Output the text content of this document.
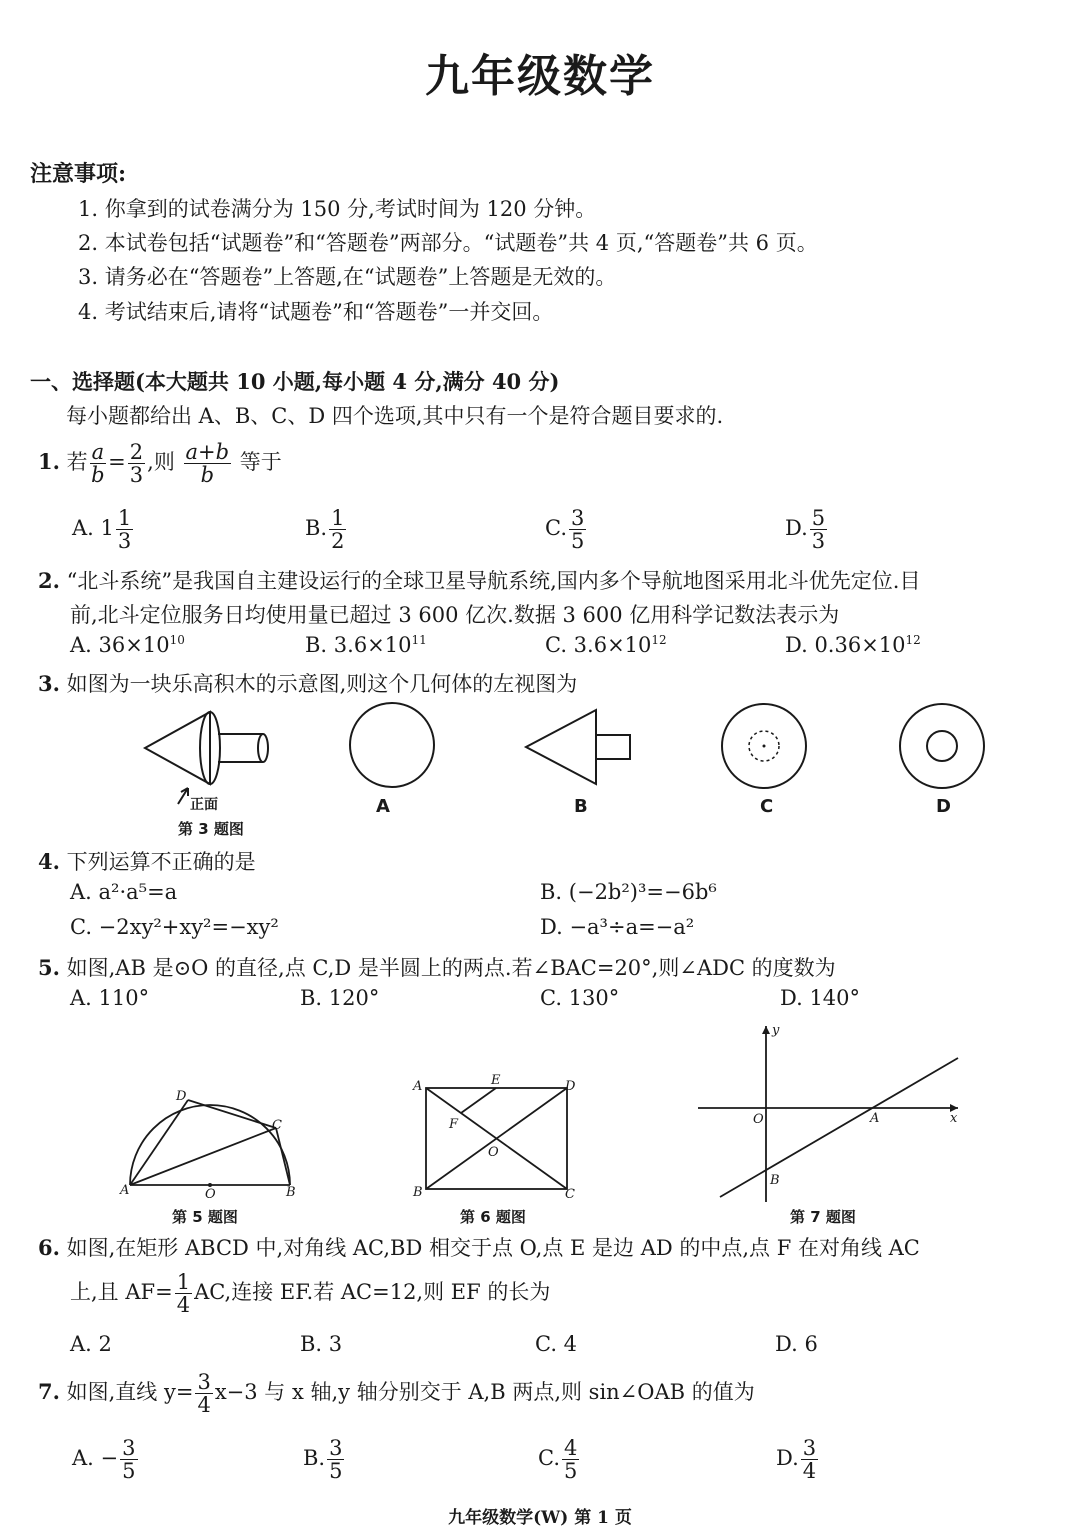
九年级数学
注意事项:
1. 你拿到的试卷满分为 150 分,考试时间为 120 分钟。
2. 本试卷包括“试题卷”和“答题卷”两部分。“试题卷”共 4 页,“答题卷”共 6 页。
3. 请务必在“答题卷”上答题,在“试题卷”上答题是无效的。
4. 考试结束后,请将“试题卷”和“答题卷”一并交回。
一、选择题(本大题共 10 小题,每小题 4 分,满分 40 分)
每小题都给出 A、B、C、D 四个选项,其中只有一个是符合题目要求的.
1. 若 $\frac{a}{b} = \frac{2}{3}$ ,则 $\frac{a+b}{b}$ 等于
A. $1 \frac{1}{3}$	B. $\frac{1}{2}$	C. $\frac{3}{5}$	D. $\frac{5}{3}$
2. “北斗系统”是我国自主建设运行的全球卫星导航系统,国内多个导航地图采用北斗优先定位.目
前,北斗定位服务日均使用量已超过 3 600 亿次.数据 3 600 亿用科学记数法表示为
A. $36\times 10^{10}$	B. $3.6\times 10^{11}$	C. $3.6\times 10^{12}$	D. $0.36\times 10^{12}$
3. 如图为一块乐高积木的示意图,则这个几何体的左视图为
正面
第 3 题图
A	B	C	D
4. 下列运算不正确的是
A. a²·a⁵=a	B. (−2b²)³=−6b⁶
C. −2xy²+xy²=−xy²	D. −a³÷a=−a²
5. 如图,AB 是⊙O 的直径,点 C,D 是半圆上的两点.若∠BAC=20°,则∠ADC 的度数为
A. 110°	B. 120°	C. 130°	D. 140°
A	B
C
D
O
第 5 题图
A
B	C
D
E
F
O
第 6 题图
y
x
O	A
B
第 7 题图
6. 如图,在矩形 ABCD 中,对角线 AC,BD 相交于点 O,点 E 是边 AD 的中点,点 F 在对角线 AC
上,且 $AF= \frac{1}{4}$ AC,连接 EF.若 AC=12,则 EF 的长为
A. 2	B. 3	C. 4	D. 6
7. 如图,直线 $y= \frac{3}{4} x-3$ 与 x 轴,y 轴分别交于 A,B 两点,则 sin∠OAB 的值为
A. − $\frac{3}{5}$	B. $\frac{3}{5}$	C. $\frac{4}{5}$	D. $\frac{3}{4}$
九年级数学(W) 第 1 页
